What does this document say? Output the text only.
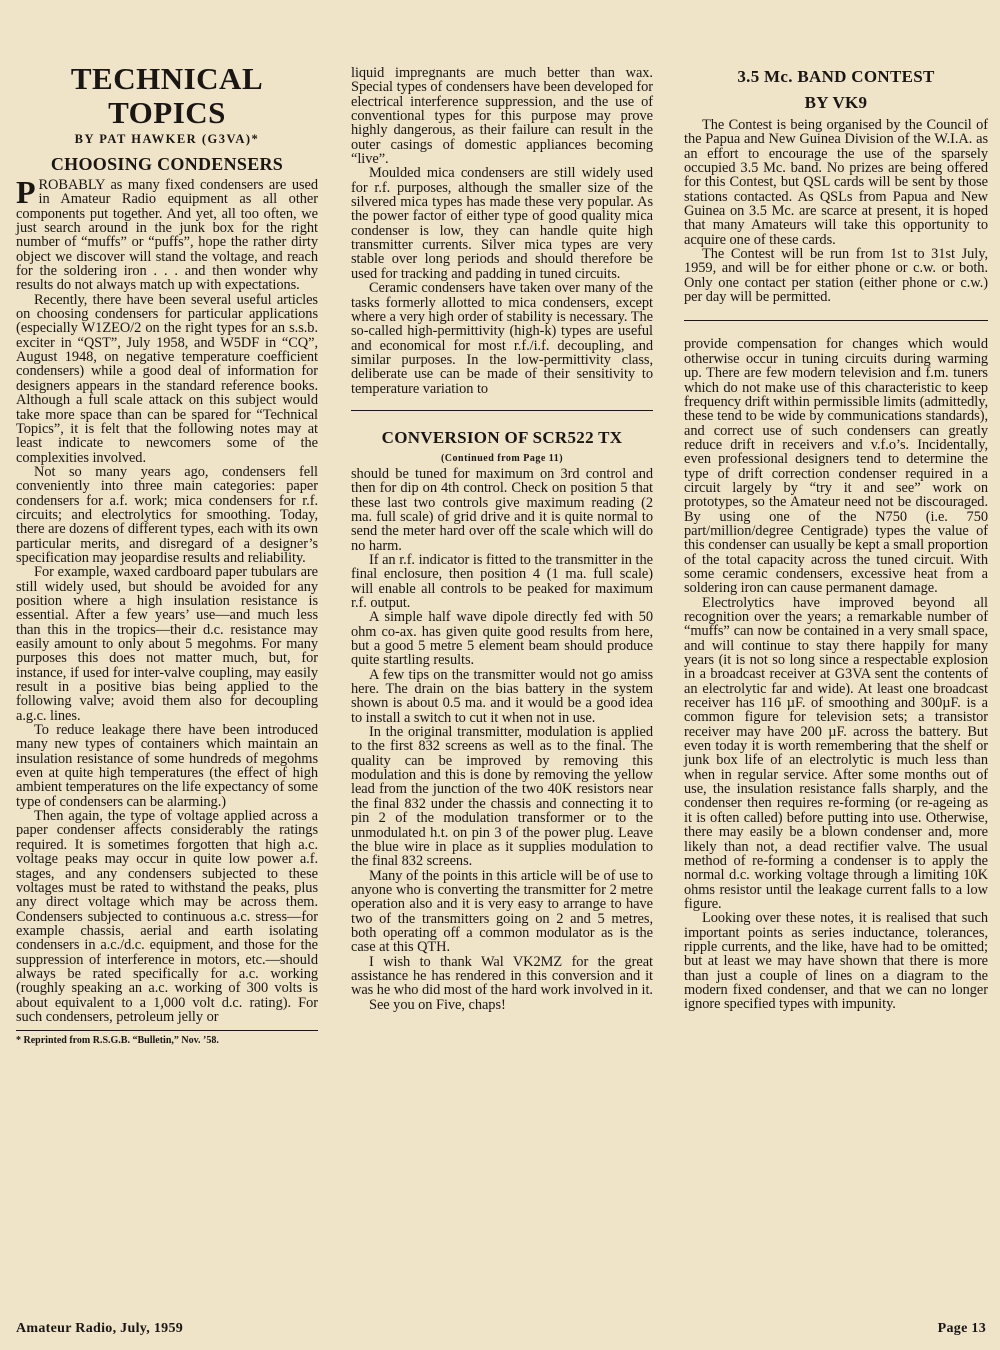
TECHNICAL TOPICS
BY PAT HAWKER (G3VA)*
CHOOSING CONDENSERS

PROBABLY as many fixed condensers are used in Amateur Radio equipment as all other components put together. And yet, all too often, we just search around in the junk box for the right number of “muffs” or “puffs”, hope the rather dirty object we discover will stand the voltage, and reach for the soldering iron . . . and then wonder why results do not always match up with expectations.

Recently, there have been several useful articles on choosing condensers for particular applications (especially W1ZEO/2 on the right types for an s.s.b. exciter in “QST”, July 1958, and W5DF in “CQ”, August 1948, on negative temperature coefficient condensers) while a good deal of information for designers appears in the standard reference books. Although a full scale attack on this subject would take more space than can be spared for “Technical Topics”, it is felt that the following notes may at least indicate to newcomers some of the complexities involved.

Not so many years ago, condensers fell conveniently into three main categories: paper condensers for a.f. work; mica condensers for r.f. circuits; and electrolytics for smoothing. Today, there are dozens of different types, each with its own particular merits, and disregard of a designer’s specification may jeopardise results and reliability.

For example, waxed cardboard paper tubulars are still widely used, but should be avoided for any position where a high insulation resistance is essential. After a few years’ use—and much less than this in the tropics—their d.c. resistance may easily amount to only about 5 megohms. For many purposes this does not matter much, but, for instance, if used for inter-valve coupling, may easily result in a positive bias being applied to the following valve; avoid them also for decoupling a.g.c. lines.

To reduce leakage there have been introduced many new types of containers which maintain an insulation resistance of some hundreds of megohms even at quite high temperatures (the effect of high ambient temperatures on the life expectancy of some type of condensers can be alarming.)

Then again, the type of voltage applied across a paper condenser affects considerably the ratings required. It is sometimes forgotten that high a.c. voltage peaks may occur in quite low power a.f. stages, and any condensers subjected to these voltages must be rated to withstand the peaks, plus any direct voltage which may be across them. Condensers subjected to continuous a.c. stress—for example chassis, aerial and earth isolating condensers in a.c./d.c. equipment, and those for the suppression of interference in motors, etc.—should always be rated specifically for a.c. working (roughly speaking an a.c. working of 300 volts is about equivalent to a 1,000 volt d.c. rating). For such condensers, petroleum jelly or

* Reprinted from R.S.G.B. “Bulletin,” Nov. ’58.

liquid impregnants are much better than wax. Special types of condensers have been developed for electrical interference suppression, and the use of conventional types for this purpose may prove highly dangerous, as their failure can result in the outer casings of domestic appliances becoming “live”.

Moulded mica condensers are still widely used for r.f. purposes, although the smaller size of the silvered mica types has made these very popular. As the power factor of either type of good quality mica condenser is low, they can handle quite high transmitter currents. Silver mica types are very stable over long periods and should therefore be used for tracking and padding in tuned circuits.

Ceramic condensers have taken over many of the tasks formerly allotted to mica condensers, except where a very high order of stability is necessary. The so-called high-permittivity (high-k) types are useful and economical for most r.f./i.f. decoupling, and similar purposes. In the low-permittivity class, deliberate use can be made of their sensitivity to temperature variation to

CONVERSION OF SCR522 TX
(Continued from Page 11)

should be tuned for maximum on 3rd control and then for dip on 4th control. Check on position 5 that these last two controls give maximum reading (2 ma. full scale) of grid drive and it is quite normal to send the meter hard over off the scale which will do no harm.

If an r.f. indicator is fitted to the transmitter in the final enclosure, then position 4 (1 ma. full scale) will enable all controls to be peaked for maximum r.f. output.

A simple half wave dipole directly fed with 50 ohm co-ax. has given quite good results from here, but a good 5 metre 5 element beam should produce quite startling results.

A few tips on the transmitter would not go amiss here. The drain on the bias battery in the system shown is about 0.5 ma. and it would be a good idea to install a switch to cut it when not in use.

In the original transmitter, modulation is applied to the first 832 screens as well as to the final. The quality can be improved by removing this modulation and this is done by removing the yellow lead from the junction of the two 40K resistors near the final 832 under the chassis and connecting it to pin 2 of the modulation transformer or to the unmodulated h.t. on pin 3 of the power plug. Leave the blue wire in place as it supplies modulation to the final 832 screens.

Many of the points in this article will be of use to anyone who is converting the transmitter for 2 metre operation also and it is very easy to arrange to have two of the transmitters going on 2 and 5 metres, both operating off a common modulator as is the case at this QTH.

I wish to thank Wal VK2MZ for the great assistance he has rendered in this conversion and it was he who did most of the hard work involved in it.

See you on Five, chaps!

3.5 Mc. BAND CONTEST
BY VK9

The Contest is being organised by the Council of the Papua and New Guinea Division of the W.I.A. as an effort to encourage the use of the sparsely occupied 3.5 Mc. band. No prizes are being offered for this Contest, but QSL cards will be sent by those stations contacted. As QSLs from Papua and New Guinea on 3.5 Mc. are scarce at present, it is hoped that many Amateurs will take this opportunity to acquire one of these cards.

The Contest will be run from 1st to 31st July, 1959, and will be for either phone or c.w. or both. Only one contact per station (either phone or c.w.) per day will be permitted.

provide compensation for changes which would otherwise occur in tuning circuits during warming up. There are few modern television and f.m. tuners which do not make use of this characteristic to keep frequency drift within permissible limits (admittedly, these tend to be wide by communications standards), and correct use of such condensers can greatly reduce drift in receivers and v.f.o’s. Incidentally, even professional designers tend to determine the type of drift correction condenser required in a circuit largely by “try it and see” work on prototypes, so the Amateur need not be discouraged. By using one of the N750 (i.e. 750 part/million/degree Centigrade) types the value of this condenser can usually be kept a small proportion of the total capacity across the tuned circuit. With some ceramic condensers, excessive heat from a soldering iron can cause permanent damage.

Electrolytics have improved beyond all recognition over the years; a remarkable number of “muffs” can now be contained in a very small space, and will continue to stay there happily for many years (it is not so long since a respectable explosion in a broadcast receiver at G3VA sent the contents of an electrolytic far and wide). At least one broadcast receiver has 116 µF. of smoothing and 300µF. is a common figure for television sets; a transistor receiver may have 200 µF. across the battery. But even today it is worth remembering that the shelf or junk box life of an electrolytic is much less than when in regular service. After some months out of use, the insulation resistance falls sharply, and the condenser then requires re-forming (or re-ageing as it is often called) before putting into use. Otherwise, there may easily be a blown condenser and, more likely than not, a dead rectifier valve. The usual method of re-forming a condenser is to apply the normal d.c. working voltage through a limiting 10K ohms resistor until the leakage current falls to a low figure.

Looking over these notes, it is realised that such important points as series inductance, tolerances, ripple currents, and the like, have had to be omitted; but at least we may have shown that there is more than just a couple of lines on a diagram to the modern fixed condenser, and that we can no longer ignore specified types with impunity.

Amateur Radio, July, 1959	Page 13
